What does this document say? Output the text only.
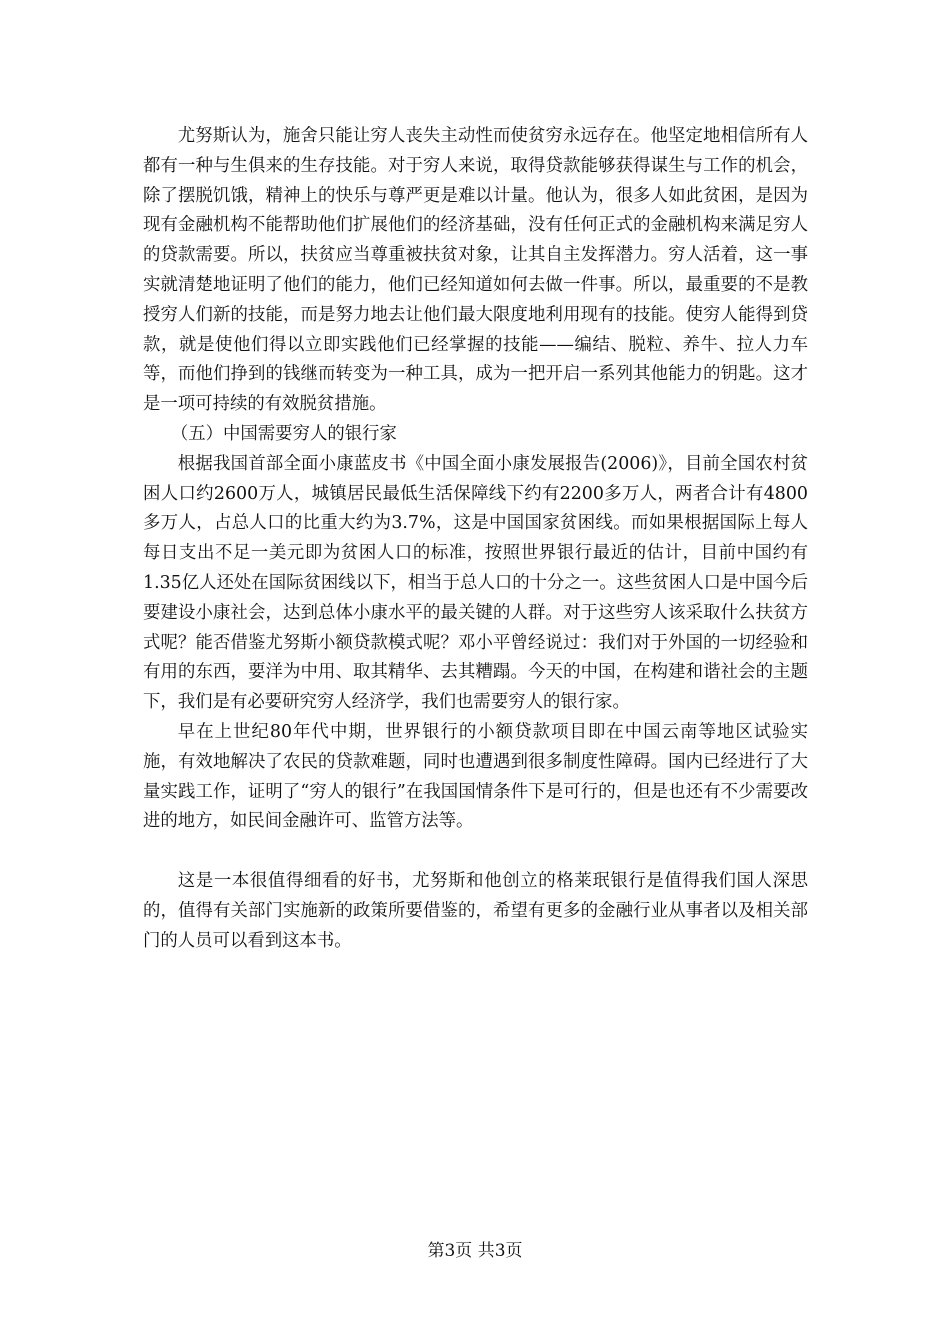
尤努斯认为，施舍只能让穷人丧失主动性而使贫穷永远存在。他坚定地相信所有人都有一种与生俱来的生存技能。对于穷人来说，取得贷款能够获得谋生与工作的机会，除了摆脱饥饿，精神上的快乐与尊严更是难以计量。他认为，很多人如此贫困，是因为现有金融机构不能帮助他们扩展他们的经济基础，没有任何正式的金融机构来满足穷人的贷款需要。所以，扶贫应当尊重被扶贫对象，让其自主发挥潜力。穷人活着，这一事实就清楚地证明了他们的能力，他们已经知道如何去做一件事。所以，最重要的不是教授穷人们新的技能，而是努力地去让他们最大限度地利用现有的技能。使穷人能得到贷款，就是使他们得以立即实践他们已经掌握的技能——编结、脱粒、养牛、拉人力车等，而他们挣到的钱继而转变为一种工具，成为一把开启一系列其他能力的钥匙。这才是一项可持续的有效脱贫措施。

（五）中国需要穷人的银行家

根据我国首部全面小康蓝皮书《中国全面小康发展报告(2006)》，目前全国农村贫困人口约2600万人，城镇居民最低生活保障线下约有2200多万人，两者合计有4800多万人，占总人口的比重大约为3.7%，这是中国国家贫困线。而如果根据国际上每人每日支出不足一美元即为贫困人口的标准，按照世界银行最近的估计，目前中国约有1.35亿人还处在国际贫困线以下，相当于总人口的十分之一。这些贫困人口是中国今后要建设小康社会，达到总体小康水平的最关键的人群。对于这些穷人该采取什么扶贫方式呢？能否借鉴尤努斯小额贷款模式呢？邓小平曾经说过：我们对于外国的一切经验和有用的东西，要洋为中用、取其精华、去其糟蹋。今天的中国，在构建和谐社会的主题下，我们是有必要研究穷人经济学，我们也需要穷人的银行家。

早在上世纪80年代中期，世界银行的小额贷款项目即在中国云南等地区试验实施，有效地解决了农民的贷款难题，同时也遭遇到很多制度性障碍。国内已经进行了大量实践工作，证明了“穷人的银行”在我国国情条件下是可行的，但是也还有不少需要改进的地方，如民间金融许可、监管方法等。

这是一本很值得细看的好书，尤努斯和他创立的格莱珉银行是值得我们国人深思的，值得有关部门实施新的政策所要借鉴的，希望有更多的金融行业从事者以及相关部门的人员可以看到这本书。

第3页 共3页
